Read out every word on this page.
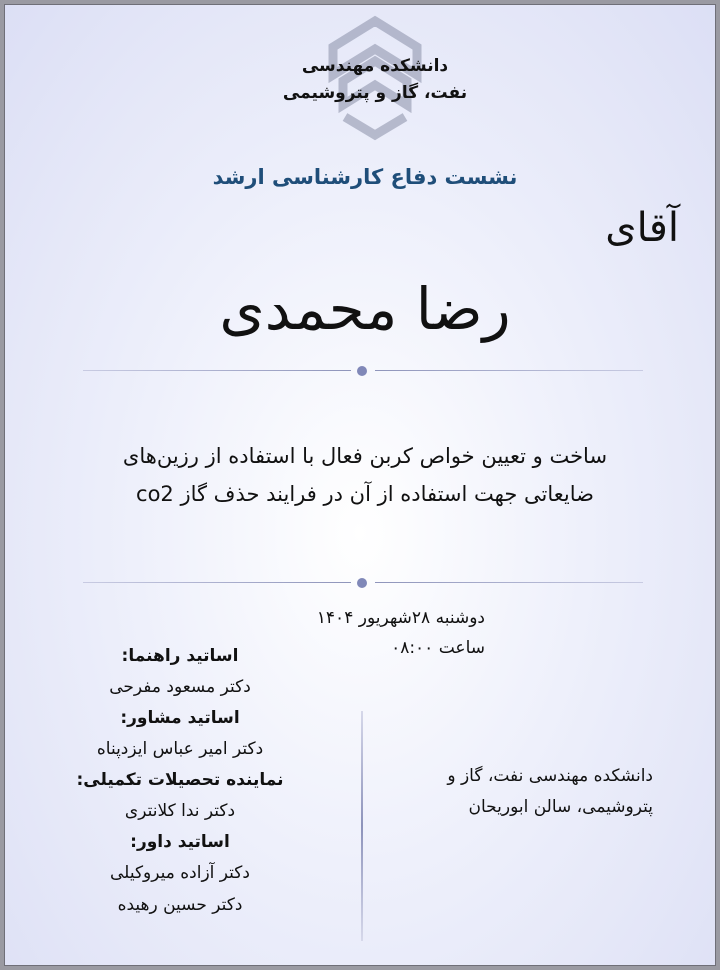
دانشکده مهندسی
نفت، گاز و پتروشیمی
نشست دفاع کارشناسی ارشد
آقای
رضا محمدی
ساخت و تعیین خواص کربن فعال با استفاده از رزین‌های
ضایعاتی جهت استفاده از آن در فرایند حذف گاز co2
دوشنبه ۲۸شهریور ۱۴۰۴
ساعت ۰۸:۰۰
اساتید راهنما:
دکتر مسعود مفرحی
اساتید مشاور:
دکتر امیر عباس ایزدپناه
نماینده تحصیلات تکمیلی:
دکتر ندا کلانتری
اساتید داور:
دکتر آزاده میروکیلی
دکتر حسین رهیده
دانشکده مهندسی نفت، گاز و
پتروشیمی، سالن ابوریحان
